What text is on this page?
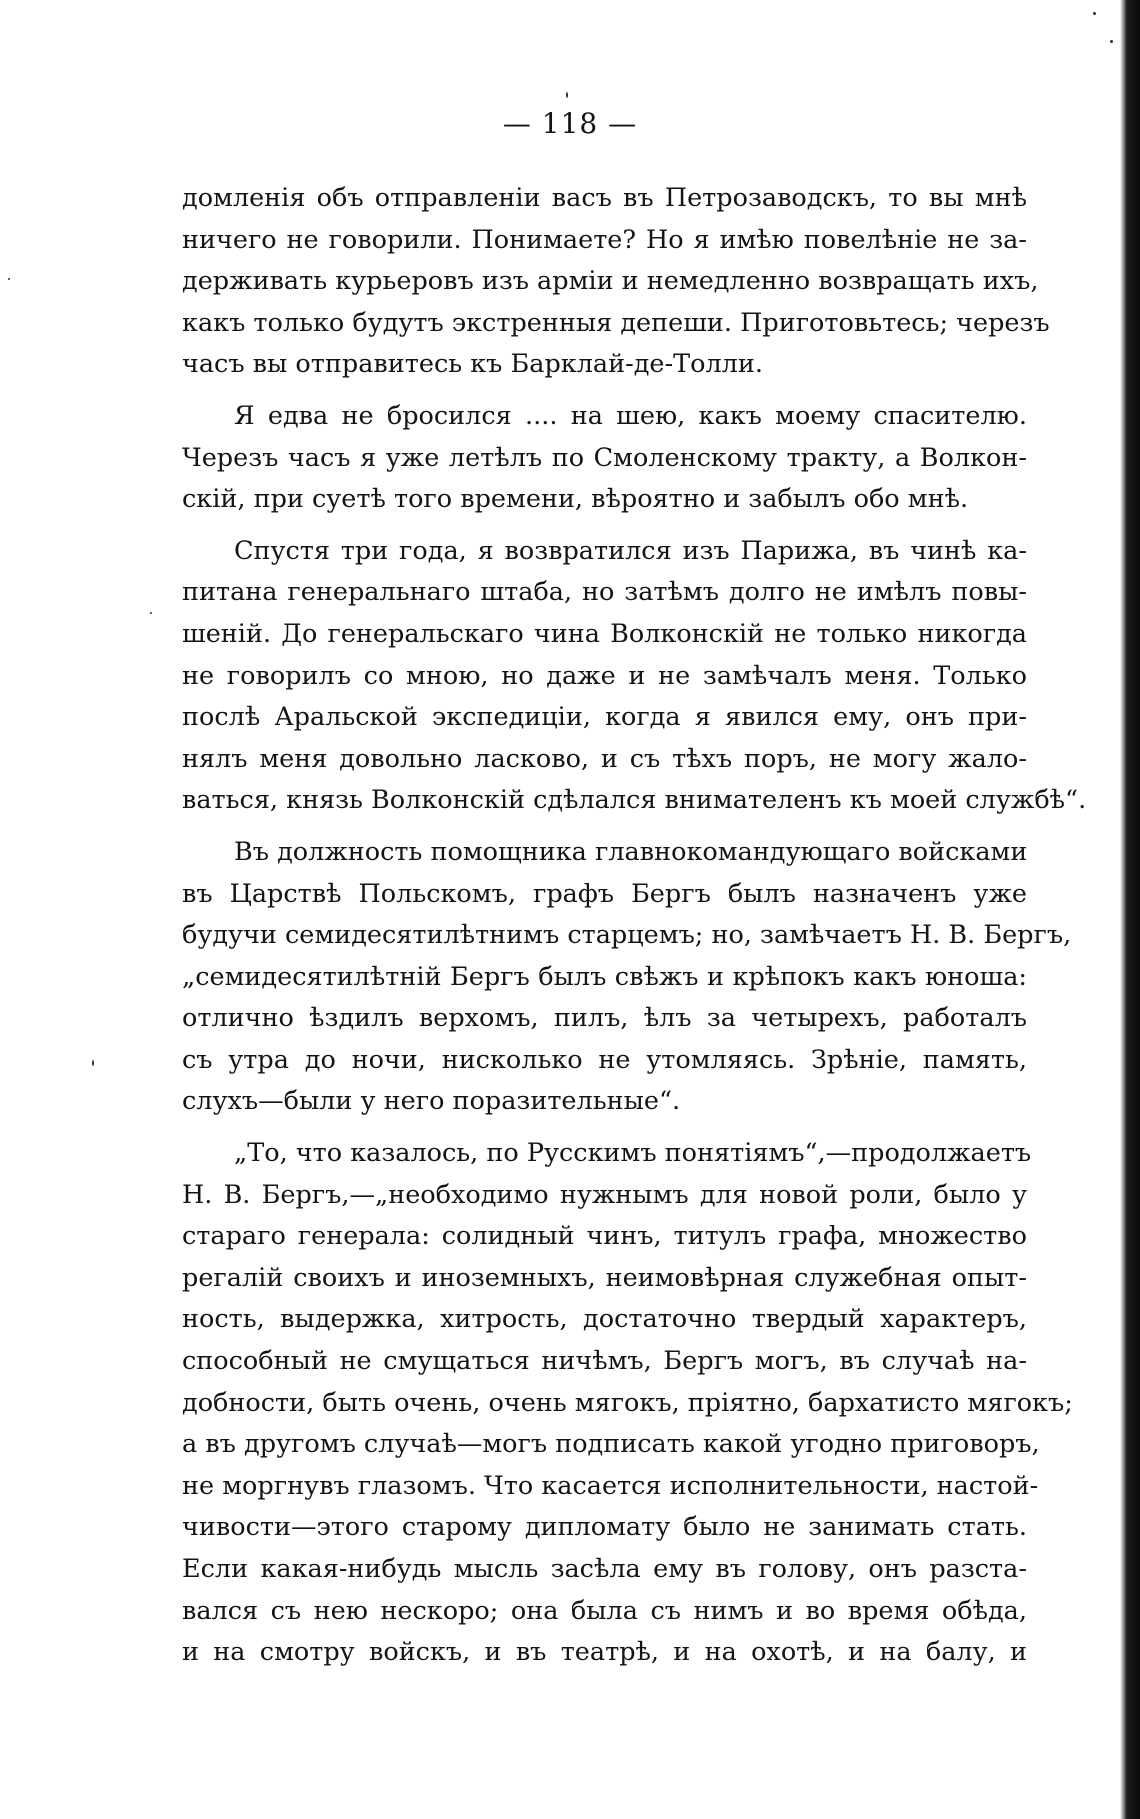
— 118 —
домленія объ отправленіи васъ въ Петрозаводскъ, то вы мнѣ
ничего не говорили. Понимаете? Но я имѣю повелѣніе не за-
держивать курьеровъ изъ арміи и немедленно возвращать ихъ,
какъ только будутъ экстренныя депеши. Приготовьтесь; черезъ
часъ вы отправитесь къ Барклай-де-Толли.
Я едва не бросился .... на шею, какъ моему спасителю.
Черезъ часъ я уже летѣлъ по Смоленскому тракту, а Волкон-
скій, при суетѣ того времени, вѣроятно и забылъ обо мнѣ.
Спустя три года, я возвратился изъ Парижа, въ чинѣ ка-
питана генеральнаго штаба, но затѣмъ долго не имѣлъ повы-
шеній. До генеральскаго чина Волконскій не только никогда
не говорилъ со мною, но даже и не замѣчалъ меня. Только
послѣ Аральской экспедиціи, когда я явился ему, онъ при-
нялъ меня довольно ласково, и съ тѣхъ поръ, не могу жало-
ваться, князь Волконскій сдѣлался внимателенъ къ моей службѣ“.
Въ должность помощника главнокомандующаго войсками
въ Царствѣ Польскомъ, графъ Бергъ былъ назначенъ уже
будучи семидесятилѣтнимъ старцемъ; но, замѣчаетъ Н. В. Бергъ,
„семидесятилѣтній Бергъ былъ свѣжъ и крѣпокъ какъ юноша:
отлично ѣздилъ верхомъ, пилъ, ѣлъ за четырехъ, работалъ
съ утра до ночи, нисколько не утомляясь. Зрѣніе, память,
слухъ—были у него поразительные“.
„То, что казалось, по Русскимъ понятіямъ“,—продолжаетъ
Н. В. Бергъ,—„необходимо нужнымъ для новой роли, было у
стараго генерала: солидный чинъ, титулъ графа, множество
регалій своихъ и иноземныхъ, неимовѣрная служебная опыт-
ность, выдержка, хитрость, достаточно твердый характеръ,
способный не смущаться ничѣмъ, Бергъ могъ, въ случаѣ на-
добности, быть очень, очень мягокъ, пріятно, бархатисто мягокъ;
а въ другомъ случаѣ—могъ подписать какой угодно приговоръ,
не моргнувъ глазомъ. Что касается исполнительности, настой-
чивости—этого старому дипломату было не занимать стать.
Если какая-нибудь мысль засѣла ему въ голову, онъ разста-
вался съ нею нескоро; она была съ нимъ и во время обѣда,
и на смотру войскъ, и въ театрѣ, и на охотѣ, и на балу, и
